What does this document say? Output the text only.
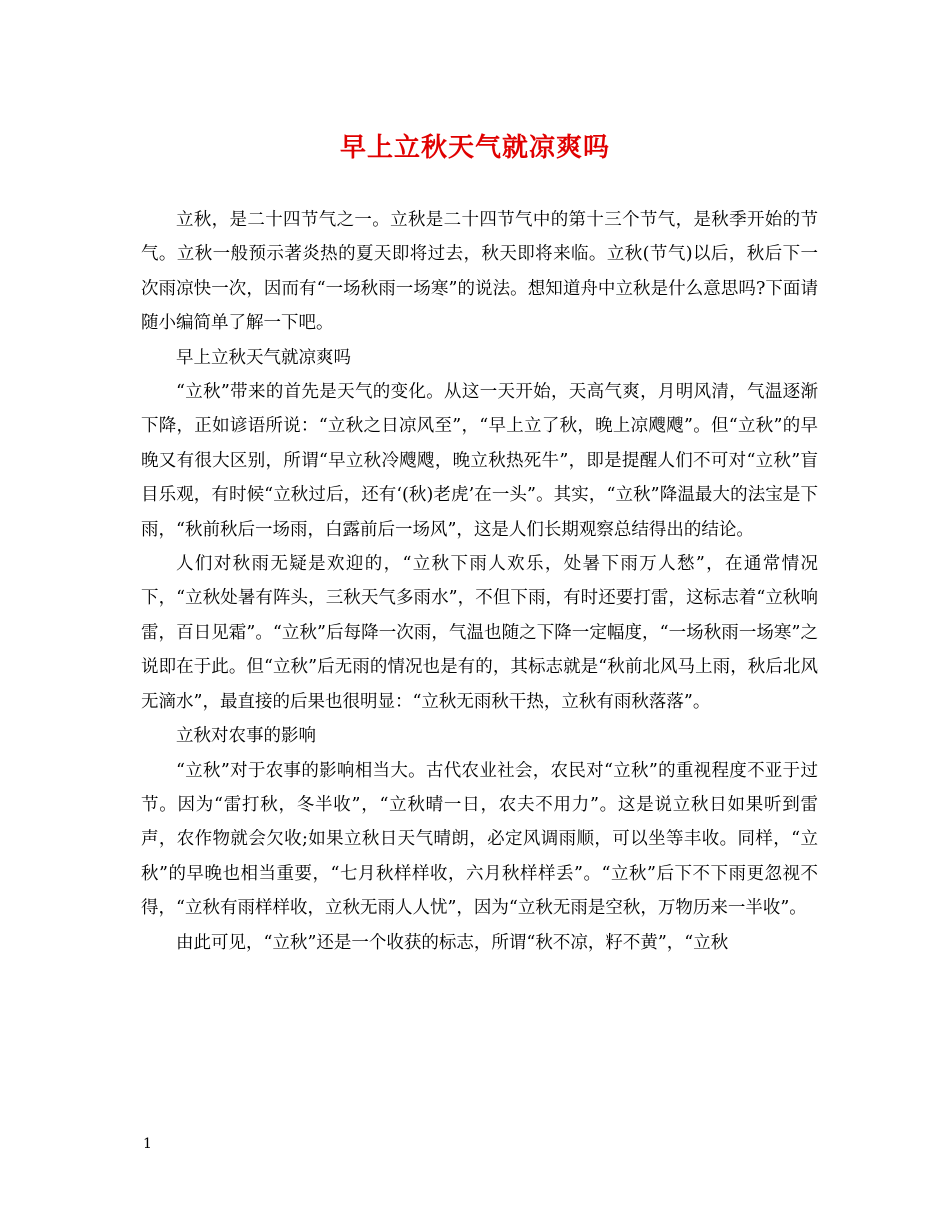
早上立秋天气就凉爽吗

立秋，是二十四节气之一。立秋是二十四节气中的第十三个节气，是秋季开始的节气。立秋一般预示著炎热的夏天即将过去，秋天即将来临。立秋(节气)以后，秋后下一次雨凉快一次，因而有“一场秋雨一场寒”的说法。想知道舟中立秋是什么意思吗?下面请随小编简单了解一下吧。

早上立秋天气就凉爽吗

“立秋”带来的首先是天气的变化。从这一天开始，天高气爽，月明风清，气温逐渐下降，正如谚语所说：“立秋之日凉风至”，“早上立了秋，晚上凉飕飕”。但“立秋”的早晚又有很大区别，所谓“早立秋冷飕飕，晚立秋热死牛”，即是提醒人们不可对“立秋”盲目乐观，有时候“立秋过后，还有‘(秋)老虎’在一头”。其实，“立秋”降温最大的法宝是下雨，“秋前秋后一场雨，白露前后一场风”，这是人们长期观察总结得出的结论。

人们对秋雨无疑是欢迎的，“立秋下雨人欢乐，处暑下雨万人愁”，在通常情况下，“立秋处暑有阵头，三秋天气多雨水”，不但下雨，有时还要打雷，这标志着“立秋响雷，百日见霜”。“立秋”后每降一次雨，气温也随之下降一定幅度，“一场秋雨一场寒”之说即在于此。但“立秋”后无雨的情况也是有的，其标志就是“秋前北风马上雨，秋后北风无滴水”，最直接的后果也很明显：“立秋无雨秋干热，立秋有雨秋落落”。

立秋对农事的影响

“立秋”对于农事的影响相当大。古代农业社会，农民对“立秋”的重视程度不亚于过节。因为“雷打秋，冬半收”，“立秋晴一日，农夫不用力”。这是说立秋日如果听到雷声，农作物就会欠收;如果立秋日天气晴朗，必定风调雨顺，可以坐等丰收。同样，“立秋”的早晚也相当重要，“七月秋样样收，六月秋样样丢”。“立秋”后下不下雨更忽视不得，“立秋有雨样样收，立秋无雨人人忧”，因为“立秋无雨是空秋，万物历来一半收”。

由此可见，“立秋”还是一个收获的标志，所谓“秋不凉，籽不黄”，“立秋

1
